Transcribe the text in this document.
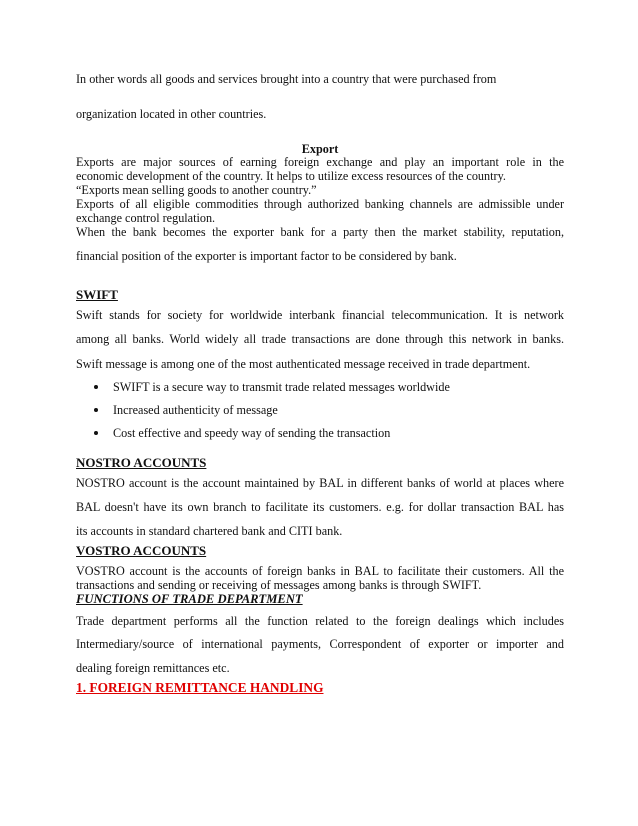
In other words all goods and services brought into a country that were purchased from
organization located in other countries.
Export
Exports are major sources of earning foreign exchange and play an important role in the
economic development of the country. It helps to utilize excess resources of the country.
“Exports mean selling goods to another country.”
Exports of all eligible commodities through authorized banking channels are admissible under
exchange control regulation.
When the bank becomes the exporter bank for a party then the market stability, reputation,
financial position of the exporter is important factor to be considered by bank.
SWIFT
Swift stands for society for worldwide interbank financial telecommunication. It is network
among all banks. World widely all trade transactions are done through this network in banks.
Swift message is among one of the most authenticated message received in trade department.
SWIFT is a secure way to transmit trade related messages worldwide
Increased authenticity of message
Cost effective and speedy way of sending the transaction
NOSTRO ACCOUNTS
NOSTRO account is the account maintained by BAL in different banks of world at places where
BAL doesn't have its own branch to facilitate its customers. e.g. for dollar transaction BAL has
its accounts in standard chartered bank and CITI bank.
VOSTRO ACCOUNTS
VOSTRO account is the accounts of foreign banks in BAL to facilitate their customers. All the
transactions and sending or receiving of messages among banks is through SWIFT.
FUNCTIONS OF TRADE DEPARTMENT
Trade department performs all the function related to the foreign dealings which includes
Intermediary/source of international payments, Correspondent of exporter or importer and
dealing foreign remittances etc.
1. FOREIGN REMITTANCE HANDLING
